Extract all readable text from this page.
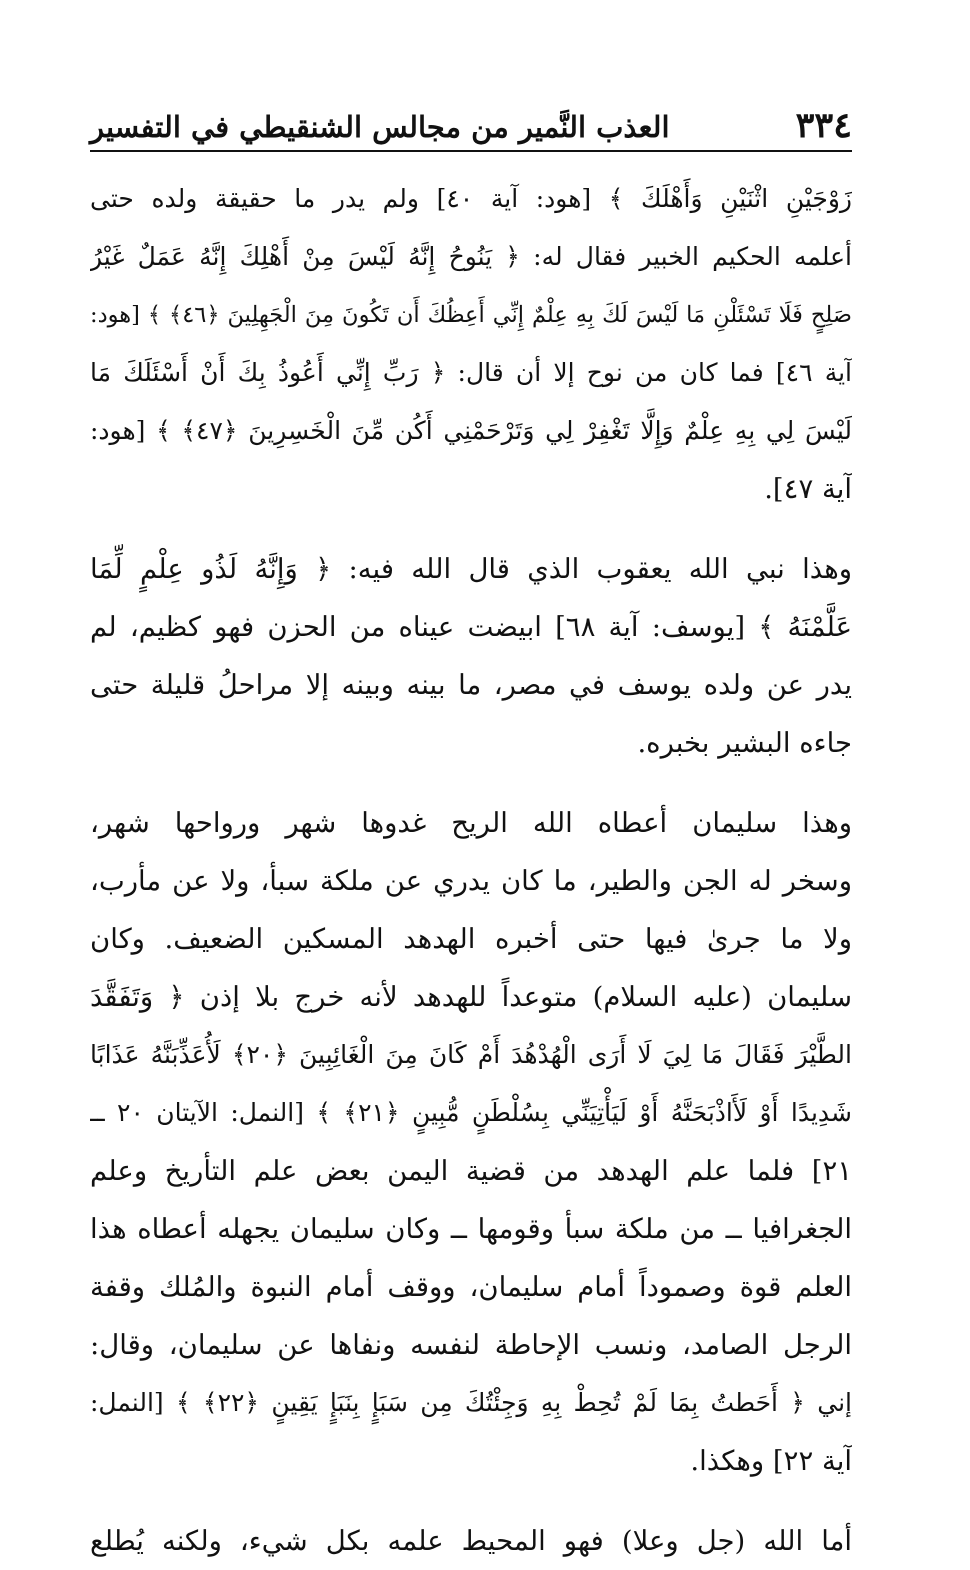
٣٣٤
العذب النَّمير من مجالس الشنقيطي في التفسير
زَوْجَيْنِ اثْنَيْنِ وَأَهْلَكَ ﴾ [هود: آية ٤٠] ولم يدر ما حقيقة ولده حتى
أعلمه الحكيم الخبير فقال له: ﴿ يَنُوحُ إِنَّهُ لَيْسَ مِنْ أَهْلِكَ إِنَّهُ عَمَلٌ غَيْرُ
صَلِحٍ فَلَا تَسْئَلْنِ مَا لَيْسَ لَكَ بِهِ عِلْمٌ إِنِّي أَعِظُكَ أَن تَكُونَ مِنَ الْجَهِلِينَ ﴿٤٦﴾ ﴾ [هود:
آية ٤٦] فما كان من نوح إلا أن قال: ﴿ رَبِّ إِنِّي أَعُوذُ بِكَ أَنْ أَسْئَلَكَ مَا
لَيْسَ لِي بِهِ عِلْمٌ وَإِلَّا تَغْفِرْ لِي وَتَرْحَمْنِي أَكُن مِّنَ الْخَسِرِينَ ﴿٤٧﴾ ﴾ [هود:
آية ٤٧].
وهذا نبي الله يعقوب الذي قال الله فيه: ﴿ وَإِنَّهُ لَذُو عِلْمٍ لِّمَا
عَلَّمْنَهُ ﴾ [يوسف: آية ٦٨] ابيضت عيناه من الحزن فهو كظيم، لم
يدر عن ولده يوسف في مصر، ما بينه وبينه إلا مراحلُ قليلة حتى
جاءه البشير بخبره.
وهذا سليمان أعطاه الله الريح غدوها شهر ورواحها شهر،
وسخر له الجن والطير، ما كان يدري عن ملكة سبأ، ولا عن مأرب،
ولا ما جرىٰ فيها حتى أخبره الهدهد المسكين الضعيف. وكان
سليمان (عليه السلام) متوعداً للهدهد لأنه خرج بلا إذن ﴿ وَتَفَقَّدَ
الطَّيْرَ فَقَالَ مَا لِيَ لَا أَرَى الْهُدْهُدَ أَمْ كَانَ مِنَ الْغَائِبِينَ ﴿٢٠﴾ لَأُعَذِّبَنَّهُ عَذَابًا
شَدِيدًا أَوْ لَأَاذْبَحَنَّهُ أَوْ لَيَأْتِيَنِّي بِسُلْطَنٍ مُّبِينٍ ﴿٢١﴾ ﴾ [النمل: الآيتان ٢٠ ــ
٢١] فلما علم الهدهد من قضية اليمن بعض علم التأريخ وعلم
الجغرافيا ــ من ملكة سبأ وقومها ــ وكان سليمان يجهله أعطاه هذا
العلم قوة وصموداً أمام سليمان، ووقف أمام النبوة والمُلك وقفة
الرجل الصامد، ونسب الإحاطة لنفسه ونفاها عن سليمان، وقال:
إني ﴿ أَحَطتُ بِمَا لَمْ تُحِطْ بِهِ وَجِئْتُكَ مِن سَبَإٍ بِنَبَإٍ يَقِينٍ ﴿٢٢﴾ ﴾ [النمل:
آية ٢٢] وهكذا.
أما الله (جل وعلا) فهو المحيط علمه بكل شيء، ولكنه يُطلع
